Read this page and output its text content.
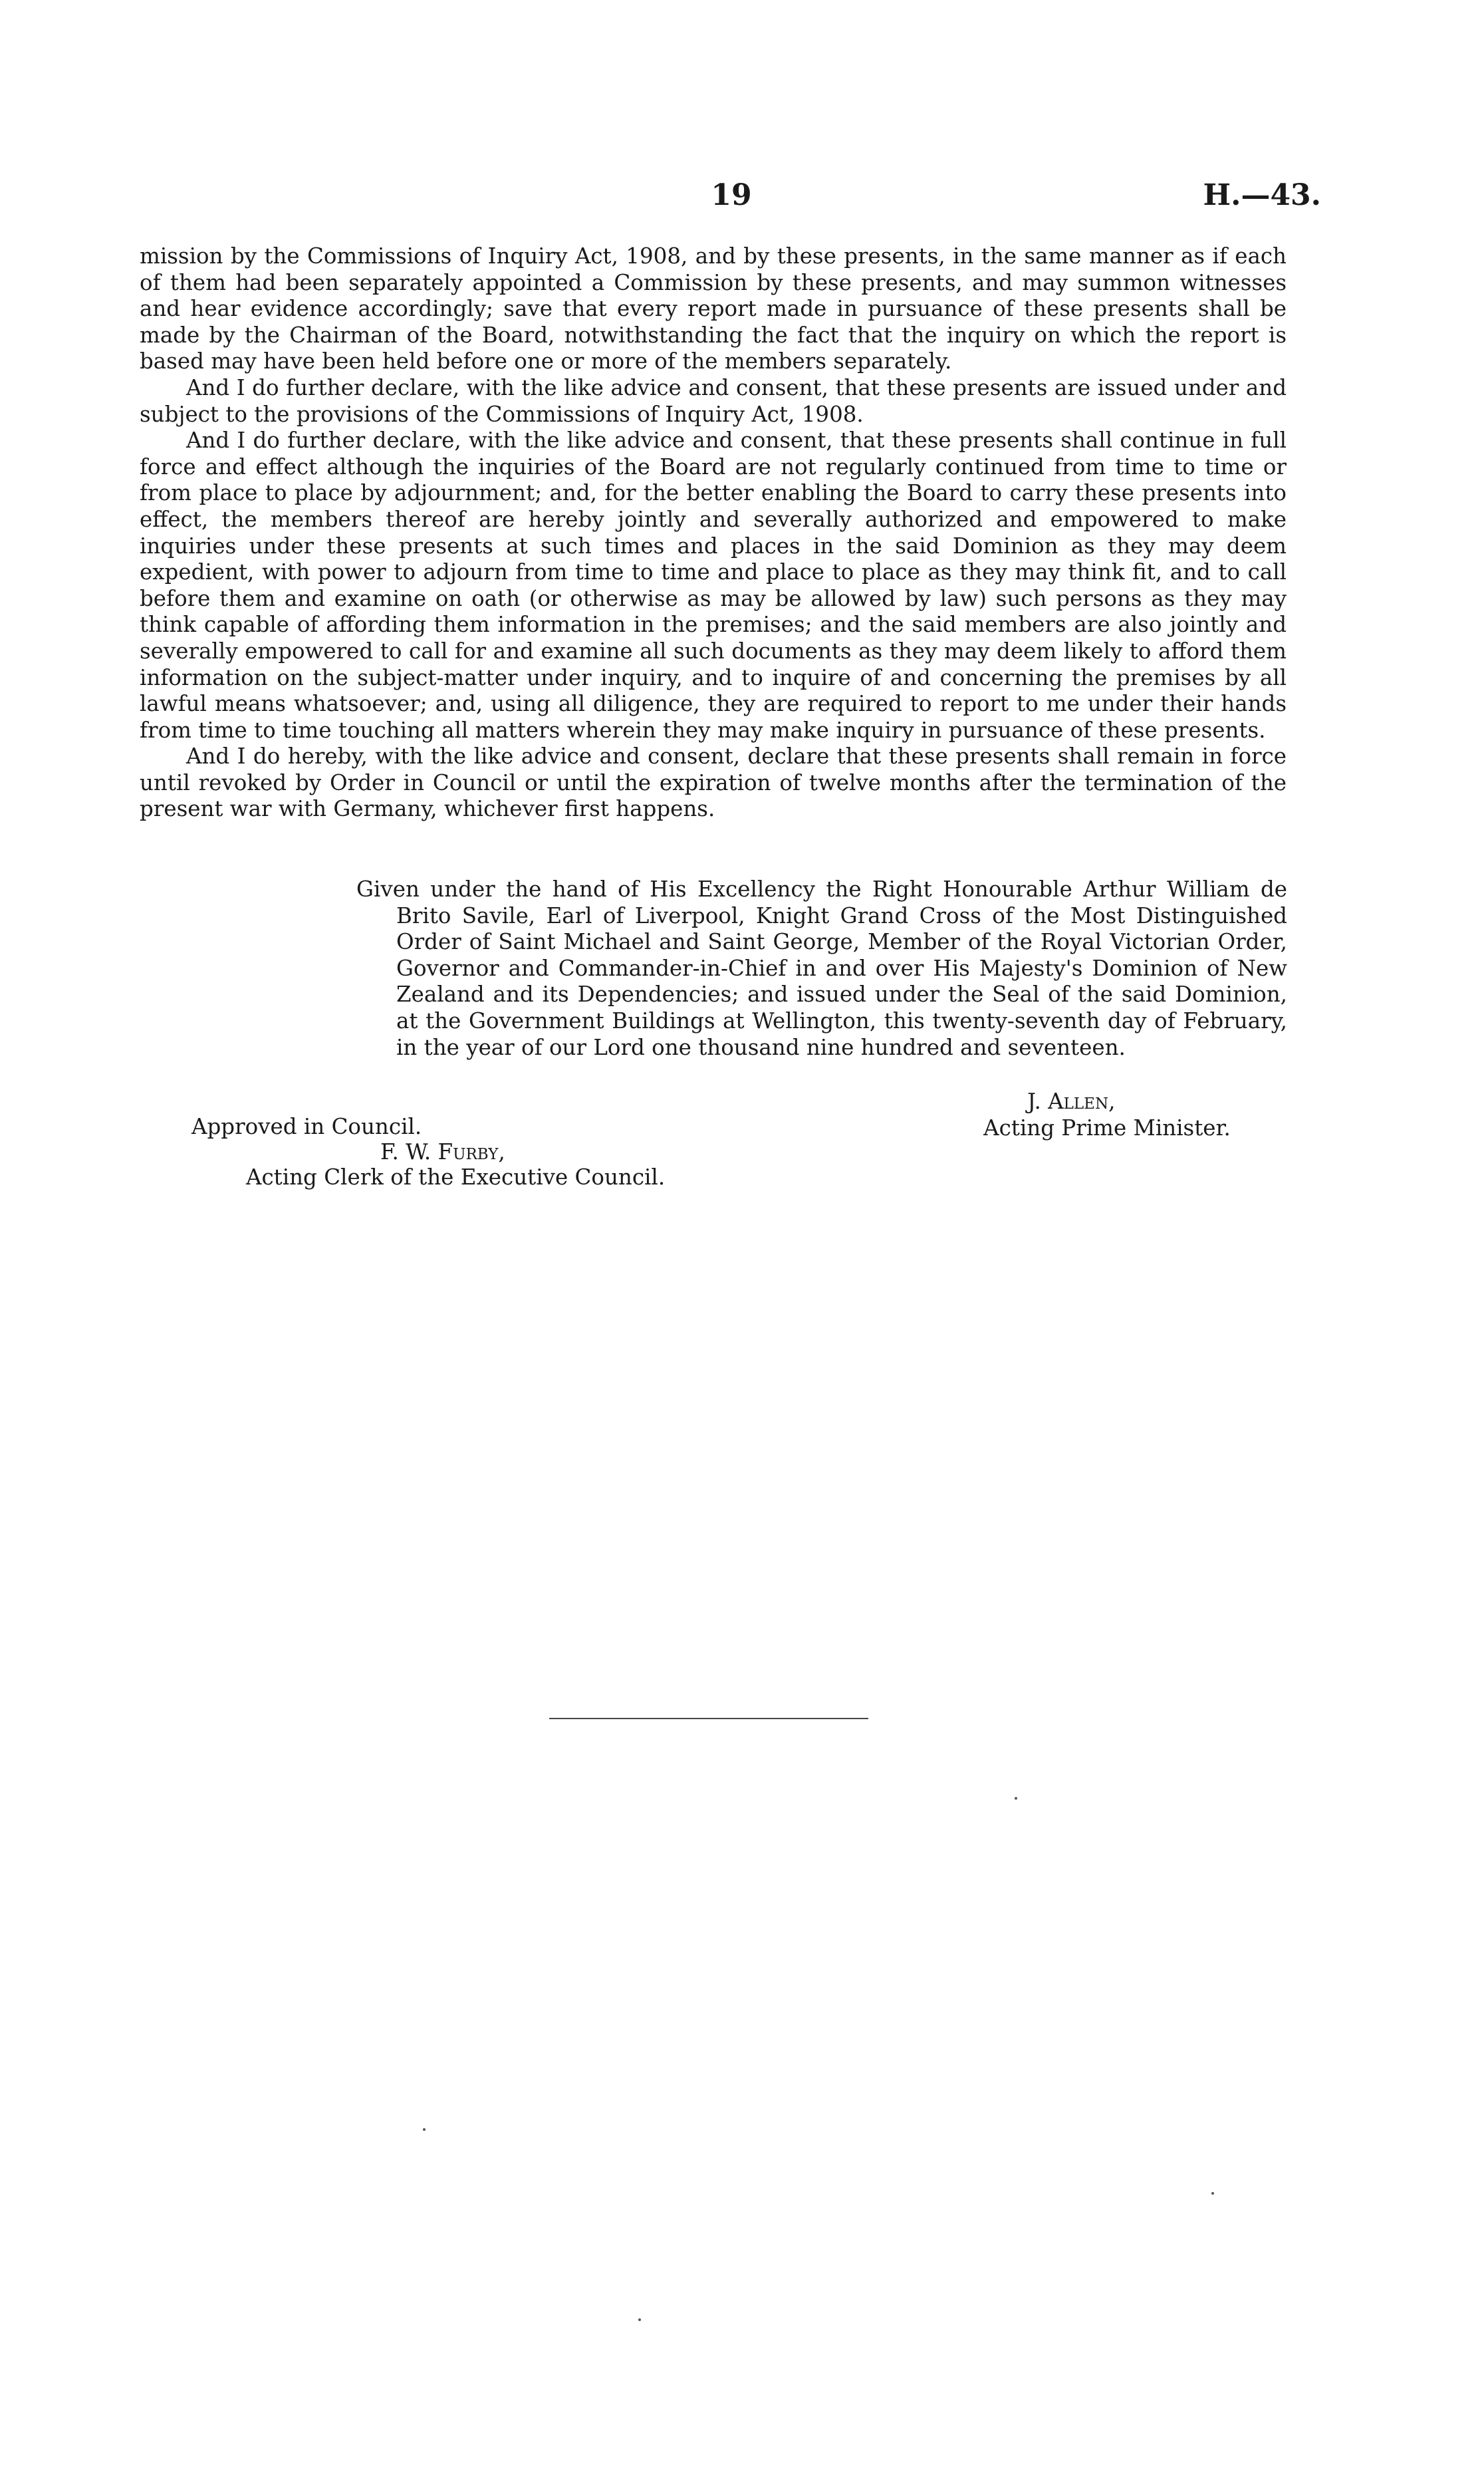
19	H.—43.

mission by the Commissions of Inquiry Act, 1908, and by these presents, in the same manner as if each of them had been separately appointed a Commission by these presents, and may summon witnesses and hear evidence accordingly; save that every report made in pursuance of these presents shall be made by the Chairman of the Board, notwithstanding the fact that the inquiry on which the report is based may have been held before one or more of the members separately.

And I do further declare, with the like advice and consent, that these presents are issued under and subject to the provisions of the Commissions of Inquiry Act, 1908.

And I do further declare, with the like advice and consent, that these presents shall continue in full force and effect although the inquiries of the Board are not regularly continued from time to time or from place to place by adjournment; and, for the better enabling the Board to carry these presents into effect, the members thereof are hereby jointly and severally authorized and empowered to make inquiries under these presents at such times and places in the said Dominion as they may deem expedient, with power to adjourn from time to time and place to place as they may think fit, and to call before them and examine on oath (or otherwise as may be allowed by law) such persons as they may think capable of affording them information in the premises; and the said members are also jointly and severally empowered to call for and examine all such documents as they may deem likely to afford them information on the subject-matter under inquiry, and to inquire of and concerning the premises by all lawful means whatsoever; and, using all diligence, they are required to report to me under their hands from time to time touching all matters wherein they may make inquiry in pursuance of these presents.

And I do hereby, with the like advice and consent, declare that these presents shall remain in force until revoked by Order in Council or until the expiration of twelve months after the termination of the present war with Germany, whichever first happens.

Given under the hand of His Excellency the Right Honourable Arthur William de Brito Savile, Earl of Liverpool, Knight Grand Cross of the Most Distinguished Order of Saint Michael and Saint George, Member of the Royal Victorian Order, Governor and Commander-in-Chief in and over His Majesty's Dominion of New Zealand and its Dependencies; and issued under the Seal of the said Dominion, at the Government Buildings at Wellington, this twenty-seventh day of February, in the year of our Lord one thousand nine hundred and seventeen.

J. Allen,
Acting Prime Minister.
Approved in Council.
F. W. Furby,
Acting Clerk of the Executive Council.
